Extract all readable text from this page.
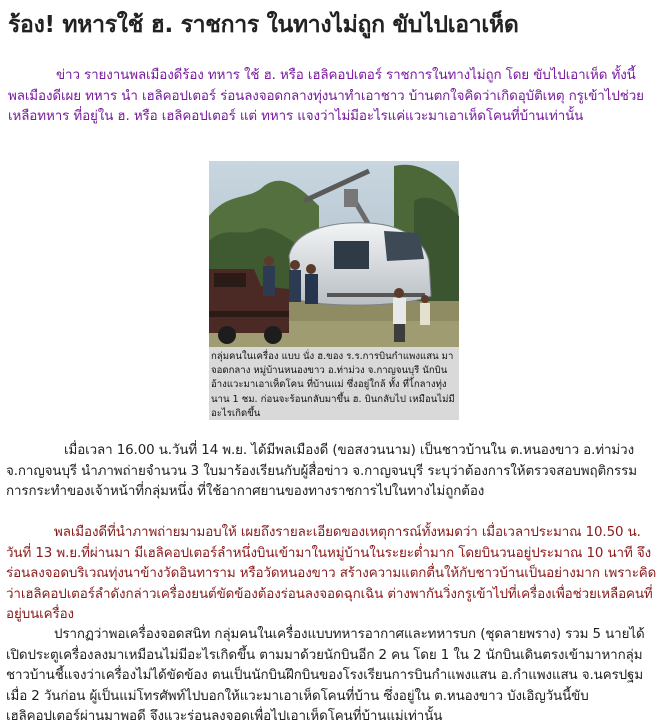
ร้อง! ทหารใช้ ฮ. ราชการ ในทางไม่ถูก ขับไปเอาเห็ด

ข่าว รายงานพลเมืองดีร้อง ทหาร ใช้ ฮ. หรือ เฮลิคอปเตอร์ ราชการในทางไม่ถูก โดย ขับไปเอาเห็ด ทั้งนี้พลเมืองดีเผย ทหาร นำ เฮลิคอปเตอร์ ร่อนลงจอดกลางทุ่งนาทำเอาชาว บ้านตกใจคิดว่าเกิดอุบัติเหตุ กรูเข้าไปช่วยเหลือทหาร ที่อยู่ใน ฮ. หรือ เฮลิคอปเตอร์ แต่ ทหาร แจงว่าไม่มีอะไรแค่แวะมาเอาเห็ดโคนที่บ้านเท่านั้น

กลุ่มคนในเครื่อง แบบ นั่ง ฮ.ของ ร.ร.การบินกำแพงแสน มาจอดกลาง หมู่บ้านหนองขาว อ.ท่าม่วง จ.กาญจนบุรี นักบินอ้างแวะมาเอาเห็ดโคน ที่บ้านแม่ ซึ่งอยู่ใกล้ ทั้ง ที่ไ้กลางทุ่ง นาน 1 ชม. ก่อนจะร้อนกลับมาขึ้น ฮ. บินกลับไป เหมือนไม่มีอะไรเกิดขึ้น

เมื่อเวลา 16.00 น.วันที่ 14 พ.ย. ได้มีพลเมืองดี (ขอสงวนนาม) เป็นชาวบ้านใน ต.หนองขาว อ.ท่าม่วง จ.กาญจนบุรี นำภาพถ่ายจำนวน 3 ใบมาร้องเรียนกับผู้สื่อข่าว จ.กาญจนบุรี ระบุว่าต้องการให้ตรวจสอบพฤติกรรมการกระทำของเจ้าหน้าที่กลุ่มหนึ่ง ที่ใช้อากาศยานของทางราชการไปในทางไม่ถูกต้อง

พลเมืองดีที่นำภาพถ่ายมามอบให้ เผยถึงรายละเอียดของเหตุการณ์ทั้งหมดว่า เมื่อเวลาประมาณ 10.50 น. วันที่ 13 พ.ย.ที่ผ่านมา มีเฮลิคอปเตอร์ลำหนึ่งบินเข้ามาในหมู่บ้านในระยะต่ำมาก โดยบินวนอยู่ประมาณ 10 นาที จึงร่อนลงจอดบริเวณทุ่งนาข้างวัดอินทาราม หรือวัดหนองขาว สร้างความแตกตื่นให้กับชาวบ้านเป็นอย่างมาก เพราะคิดว่าเฮลิคอปเตอร์ลำดังกล่าวเครื่องยนต์ขัดข้องต้องร่อนลงจอดฉุกเฉิน ต่างพากันวิ่งกรูเข้าไปที่เครื่องเพื่อช่วยเหลือคนที่อยู่บนเครื่อง

ปรากฏว่าพอเครื่องจอดสนิท กลุ่มคนในเครื่องแบบทหารอากาศและทหารบก (ชุดลายพราง) รวม 5 นายได้เปิดประตูเครื่องลงมาเหมือนไม่มีอะไรเกิดขึ้น ตามมาด้วยนักบินอีก 2 คน โดย 1 ใน 2 นักบินเดินตรงเข้ามาหากลุ่มชาวบ้านชี้แจงว่าเครื่องไม่ได้ขัดข้อง ตนเป็นนักบินฝึกบินของโรงเรียนการบินกำแพงแสน อ.กำแพงแสน จ.นครปฐม เมื่อ 2 วันก่อน ผู้เป็นแม่โทรศัพท์ไปบอกให้แวะมาเอาเห็ดโคนที่บ้าน ซึ่งอยู่ใน ต.หนองขาว บังเอิญวันนี้ขับเฮลิคอปเตอร์ผ่านมาพอดี จึงแวะร่อนลงจอดเพื่อไปเอาเห็ดโคนที่บ้านแม่เท่านั้น
